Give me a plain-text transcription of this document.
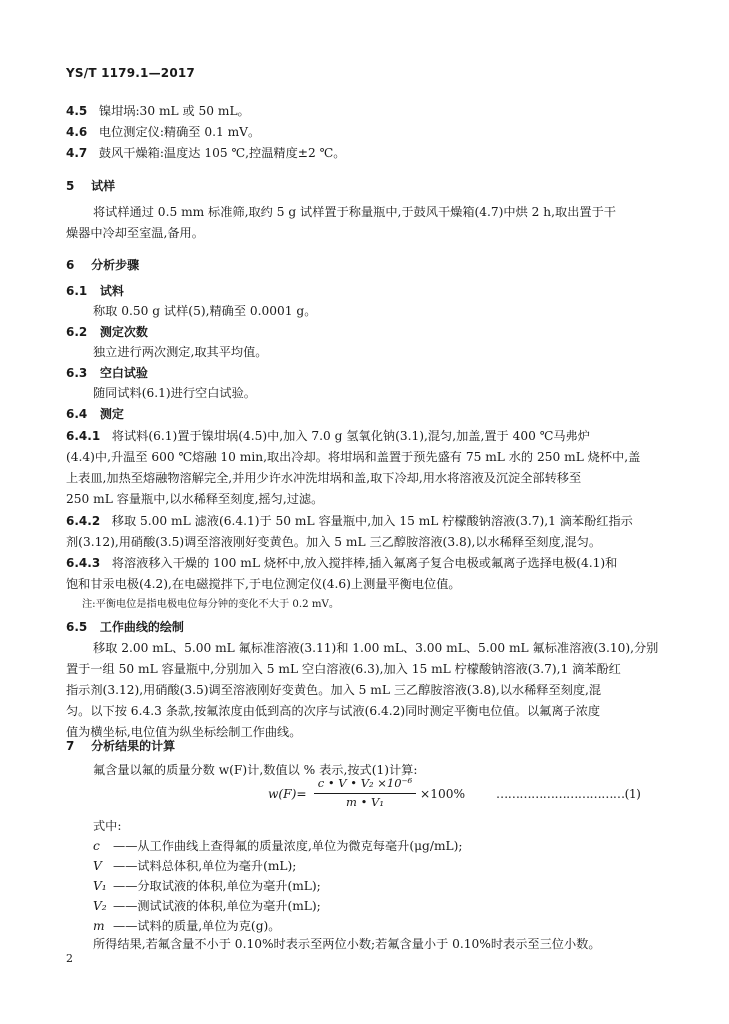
YS/T 1179.1—2017
4.5 镍坩埚:30 mL 或 50 mL。
4.6 电位测定仪:精确至 0.1 mV。
4.7 鼓风干燥箱:温度达 105 ℃,控温精度±2 ℃。
5 试样
将试样通过 0.5 mm 标准筛,取约 5 g 试样置于称量瓶中,于鼓风干燥箱(4.7)中烘 2 h,取出置于干
燥器中冷却至室温,备用。
6 分析步骤
6.1 试料
称取 0.50 g 试样(5),精确至 0.0001 g。
6.2 测定次数
独立进行两次测定,取其平均值。
6.3 空白试验
随同试料(6.1)进行空白试验。
6.4 测定
6.4.1 将试料(6.1)置于镍坩埚(4.5)中,加入 7.0 g 氢氧化钠(3.1),混匀,加盖,置于 400 ℃马弗炉
(4.4)中,升温至 600 ℃熔融 10 min,取出冷却。将坩埚和盖置于预先盛有 75 mL 水的 250 mL 烧杯中,盖
上表皿,加热至熔融物溶解完全,并用少许水冲洗坩埚和盖,取下冷却,用水将溶液及沉淀全部转移至
250 mL 容量瓶中,以水稀释至刻度,摇匀,过滤。
6.4.2 移取 5.00 mL 滤液(6.4.1)于 50 mL 容量瓶中,加入 15 mL 柠檬酸钠溶液(3.7),1 滴苯酚红指示
剂(3.12),用硝酸(3.5)调至溶液刚好变黄色。加入 5 mL 三乙醇胺溶液(3.8),以水稀释至刻度,混匀。
6.4.3 将溶液移入干燥的 100 mL 烧杯中,放入搅拌棒,插入氟离子复合电极或氟离子选择电极(4.1)和
饱和甘汞电极(4.2),在电磁搅拌下,于电位测定仪(4.6)上测量平衡电位值。
注:平衡电位是指电极电位每分钟的变化不大于 0.2 mV。
6.5 工作曲线的绘制
移取 2.00 mL、5.00 mL 氟标准溶液(3.11)和 1.00 mL、3.00 mL、5.00 mL 氟标准溶液(3.10),分别
置于一组 50 mL 容量瓶中,分别加入 5 mL 空白溶液(6.3),加入 15 mL 柠檬酸钠溶液(3.7),1 滴苯酚红
指示剂(3.12),用硝酸(3.5)调至溶液刚好变黄色。加入 5 mL 三乙醇胺溶液(3.8),以水稀释至刻度,混
匀。以下按 6.4.3 条款,按氟浓度由低到高的次序与试液(6.4.2)同时测定平衡电位值。以氟离子浓度
值为横坐标,电位值为纵坐标绘制工作曲线。
7 分析结果的计算
氟含量以氟的质量分数 w(F)计,数值以 % 表示,按式(1)计算:
w(F)=
c • V • V₂ ×10⁻⁶
m • V₁
×100%	……………………………(1)
式中:
c ——从工作曲线上查得氟的质量浓度,单位为微克每毫升(μg/mL);
V ——试料总体积,单位为毫升(mL);
V₁ ——分取试液的体积,单位为毫升(mL);
V₂ ——测试试液的体积,单位为毫升(mL);
m ——试料的质量,单位为克(g)。
所得结果,若氟含量不小于 0.10%时表示至两位小数;若氟含量小于 0.10%时表示至三位小数。
2
